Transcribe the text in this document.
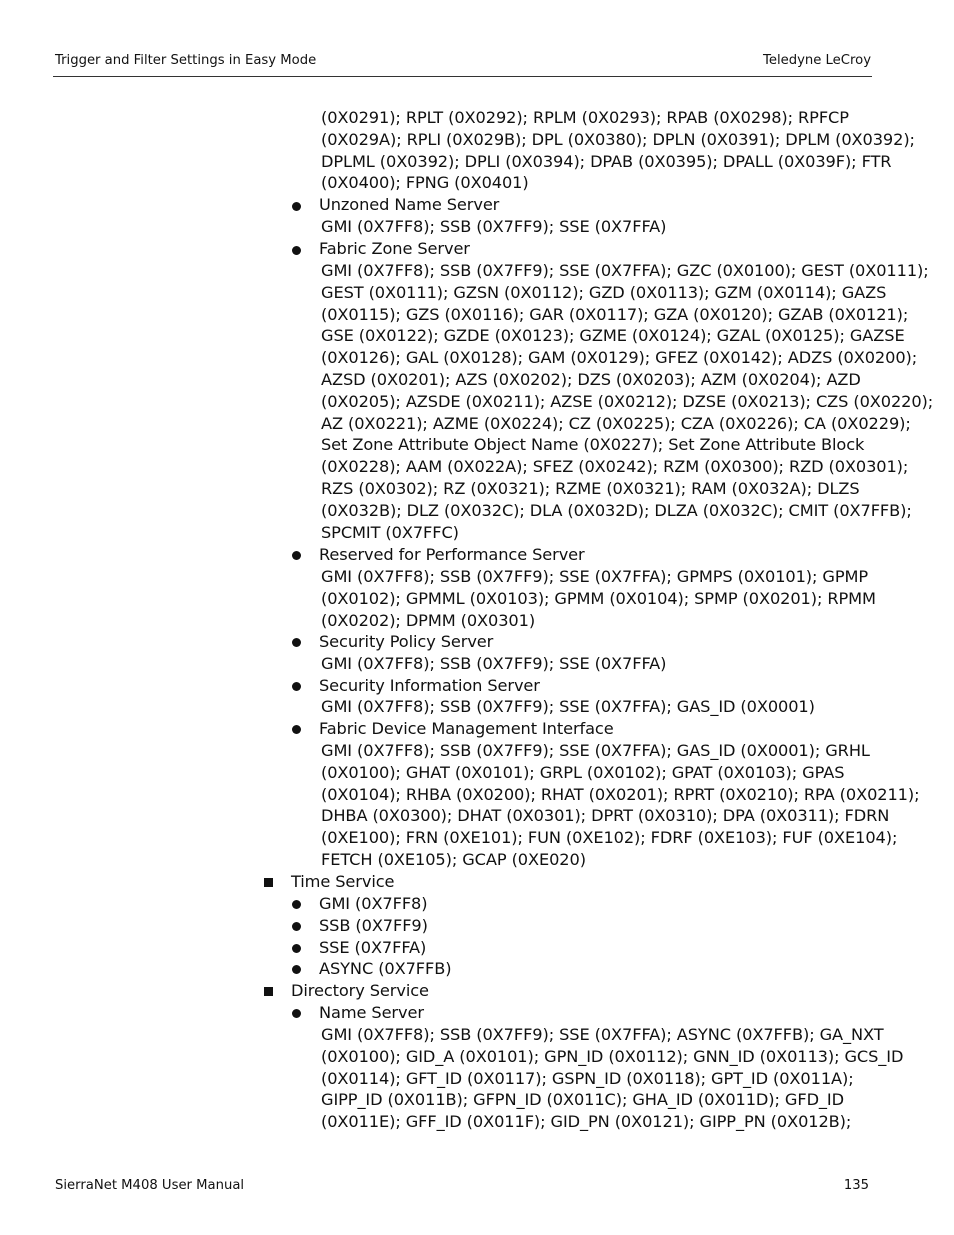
Trigger and Filter Settings in Easy Mode	Teledyne LeCroy
(0X0291); RPLT (0X0292); RPLM (0X0293); RPAB (0X0298); RPFCP
(0X029A); RPLI (0X029B); DPL (0X0380); DPLN (0X0391); DPLM (0X0392);
DPLML (0X0392); DPLI (0X0394); DPAB (0X0395); DPALL (0X039F); FTR
(0X0400); FPNG (0X0401)
Unzoned Name Server
GMI (0X7FF8); SSB (0X7FF9); SSE (0X7FFA)
Fabric Zone Server
GMI (0X7FF8); SSB (0X7FF9); SSE (0X7FFA); GZC (0X0100); GEST (0X0111);
GEST (0X0111); GZSN (0X0112); GZD (0X0113); GZM (0X0114); GAZS
(0X0115); GZS (0X0116); GAR (0X0117); GZA (0X0120); GZAB (0X0121);
GSE (0X0122); GZDE (0X0123); GZME (0X0124); GZAL (0X0125); GAZSE
(0X0126); GAL (0X0128); GAM (0X0129); GFEZ (0X0142); ADZS (0X0200);
AZSD (0X0201); AZS (0X0202); DZS (0X0203); AZM (0X0204); AZD
(0X0205); AZSDE (0X0211); AZSE (0X0212); DZSE (0X0213); CZS (0X0220);
AZ (0X0221); AZME (0X0224); CZ (0X0225); CZA (0X0226); CA (0X0229);
Set Zone Attribute Object Name (0X0227); Set Zone Attribute Block
(0X0228); AAM (0X022A); SFEZ (0X0242); RZM (0X0300); RZD (0X0301);
RZS (0X0302); RZ (0X0321); RZME (0X0321); RAM (0X032A); DLZS
(0X032B); DLZ (0X032C); DLA (0X032D); DLZA (0X032C); CMIT (0X7FFB);
SPCMIT (0X7FFC)
Reserved for Performance Server
GMI (0X7FF8); SSB (0X7FF9); SSE (0X7FFA); GPMPS (0X0101); GPMP
(0X0102); GPMML (0X0103); GPMM (0X0104); SPMP (0X0201); RPMM
(0X0202); DPMM (0X0301)
Security Policy Server
GMI (0X7FF8); SSB (0X7FF9); SSE (0X7FFA)
Security Information Server
GMI (0X7FF8); SSB (0X7FF9); SSE (0X7FFA); GAS_ID (0X0001)
Fabric Device Management Interface
GMI (0X7FF8); SSB (0X7FF9); SSE (0X7FFA); GAS_ID (0X0001); GRHL
(0X0100); GHAT (0X0101); GRPL (0X0102); GPAT (0X0103); GPAS
(0X0104); RHBA (0X0200); RHAT (0X0201); RPRT (0X0210); RPA (0X0211);
DHBA (0X0300); DHAT (0X0301); DPRT (0X0310); DPA (0X0311); FDRN
(0XE100); FRN (0XE101); FUN (0XE102); FDRF (0XE103); FUF (0XE104);
FETCH (0XE105); GCAP (0XE020)
Time Service
GMI (0X7FF8)
SSB (0X7FF9)
SSE (0X7FFA)
ASYNC (0X7FFB)
Directory Service
Name Server
GMI (0X7FF8); SSB (0X7FF9); SSE (0X7FFA); ASYNC (0X7FFB); GA_NXT
(0X0100); GID_A (0X0101); GPN_ID (0X0112); GNN_ID (0X0113); GCS_ID
(0X0114); GFT_ID (0X0117); GSPN_ID (0X0118); GPT_ID (0X011A);
GIPP_ID (0X011B); GFPN_ID (0X011C); GHA_ID (0X011D); GFD_ID
(0X011E); GFF_ID (0X011F); GID_PN (0X0121); GIPP_PN (0X012B);
SierraNet M408 User Manual	135
